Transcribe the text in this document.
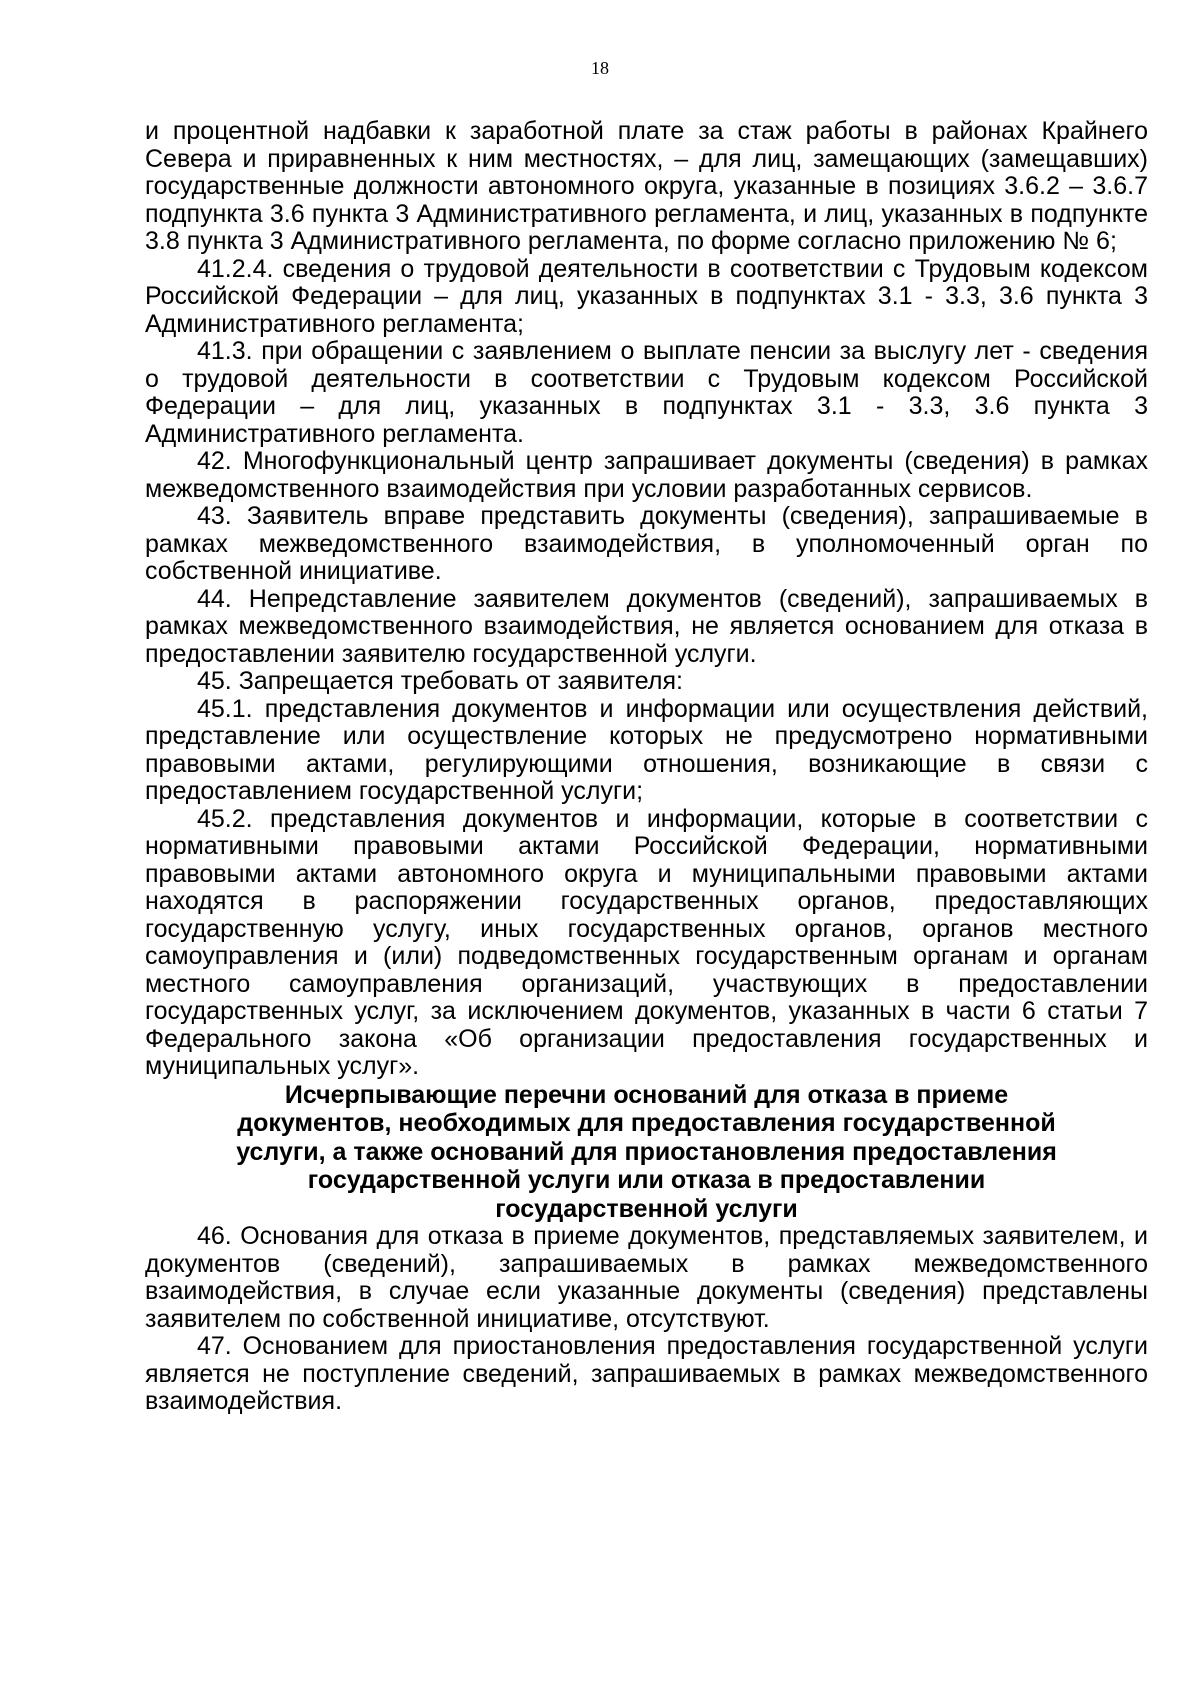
18

и процентной надбавки к заработной плате за стаж работы в районах Крайнего Севера и приравненных к ним местностях, – для лиц, замещающих (замещавших) государственные должности автономного округа, указанные в позициях 3.6.2 – 3.6.7 подпункта 3.6 пункта 3 Административного регламента, и лиц, указанных в подпункте 3.8 пункта 3 Административного регламента, по форме согласно приложению № 6;

41.2.4. сведения о трудовой деятельности в соответствии с Трудовым кодексом Российской Федерации – для лиц, указанных в подпунктах 3.1 - 3.3, 3.6 пункта 3 Административного регламента;

41.3. при обращении с заявлением о выплате пенсии за выслугу лет - сведения о трудовой деятельности в соответствии с Трудовым кодексом Российской Федерации – для лиц, указанных в подпунктах 3.1 - 3.3, 3.6 пункта 3 Административного регламента.

42. Многофункциональный центр запрашивает документы (сведения) в рамках межведомственного взаимодействия при условии разработанных сервисов.

43. Заявитель вправе представить документы (сведения), запрашиваемые в рамках межведомственного взаимодействия, в уполномоченный орган по собственной инициативе.

44. Непредставление заявителем документов (сведений), запрашиваемых в рамках межведомственного взаимодействия, не является основанием для отказа в предоставлении заявителю государственной услуги.

45. Запрещается требовать от заявителя:

45.1. представления документов и информации или осуществления действий, представление или осуществление которых не предусмотрено нормативными правовыми актами, регулирующими отношения, возникающие в связи с предоставлением государственной услуги;

45.2. представления документов и информации, которые в соответствии с нормативными правовыми актами Российской Федерации, нормативными правовыми актами автономного округа и муниципальными правовыми актами находятся в распоряжении государственных органов, предоставляющих государственную услугу, иных государственных органов, органов местного самоуправления и (или) подведомственных государственным органам и органам местного самоуправления организаций, участвующих в предоставлении государственных услуг, за исключением документов, указанных в части 6 статьи 7 Федерального закона «Об организации предоставления государственных и муниципальных услуг».

Исчерпывающие перечни оснований для отказа в приеме документов, необходимых для предоставления государственной услуги, а также оснований для приостановления предоставления государственной услуги или отказа в предоставлении государственной услуги

46. Основания для отказа в приеме документов, представляемых заявителем, и документов (сведений), запрашиваемых в рамках межведомственного взаимодействия, в случае если указанные документы (сведения) представлены заявителем по собственной инициативе, отсутствуют.

47. Основанием для приостановления предоставления государственной услуги является не поступление сведений, запрашиваемых в рамках межведомственного взаимодействия.
